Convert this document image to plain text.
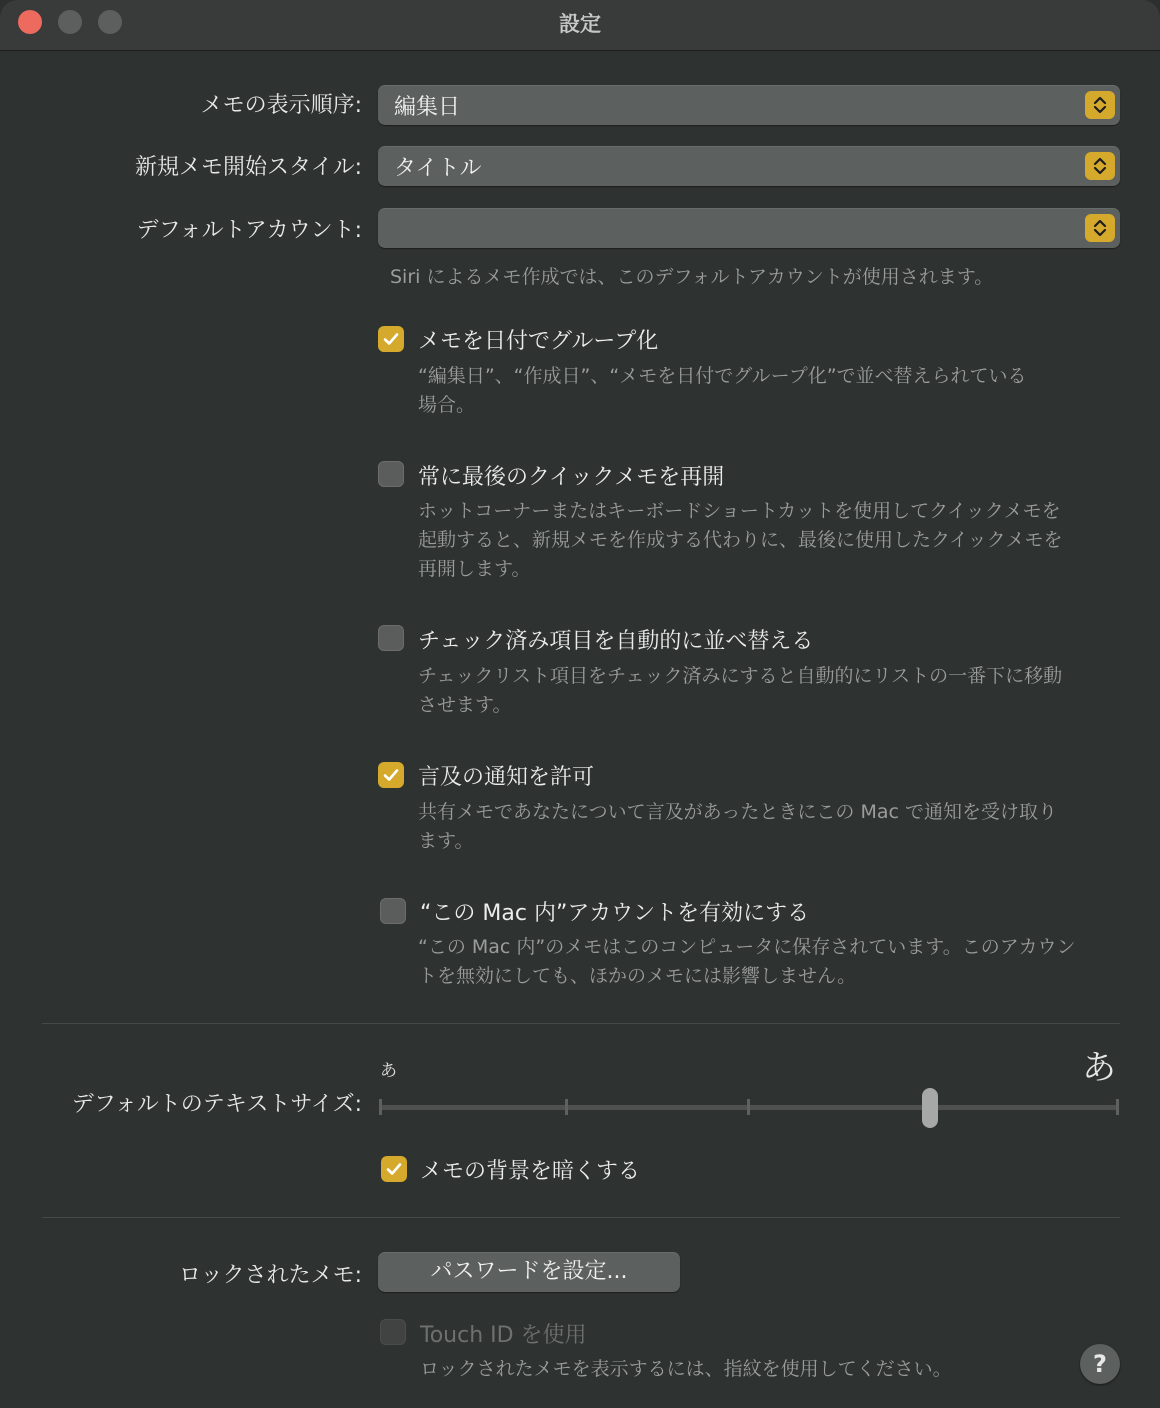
設定
メモの表示順序: 編集日
新規メモ開始スタイル: タイトル
デフォルトアカウント:
Siri によるメモ作成では、このデフォルトアカウントが使用されます。
メモを日付でグループ化
“編集日”、“作成日”、“メモを日付でグループ化”で並べ替えられている
場合。
常に最後のクイックメモを再開
ホットコーナーまたはキーボードショートカットを使用してクイックメモを
起動すると、新規メモを作成する代わりに、最後に使用したクイックメモを
再開します。
チェック済み項目を自動的に並べ替える
チェックリスト項目をチェック済みにすると自動的にリストの一番下に移動
させます。
言及の通知を許可
共有メモであなたについて言及があったときにこの Mac で通知を受け取り
ます。
“この Mac 内”アカウントを有効にする
“この Mac 内”のメモはこのコンピュータに保存されています。このアカウン
トを無効にしても、ほかのメモには影響しません。
デフォルトのテキストサイズ:
あ	あ
メモの背景を暗くする
ロックされたメモ:	パスワードを設定...
Touch ID を使用
ロックされたメモを表示するには、指紋を使用してください。	?
